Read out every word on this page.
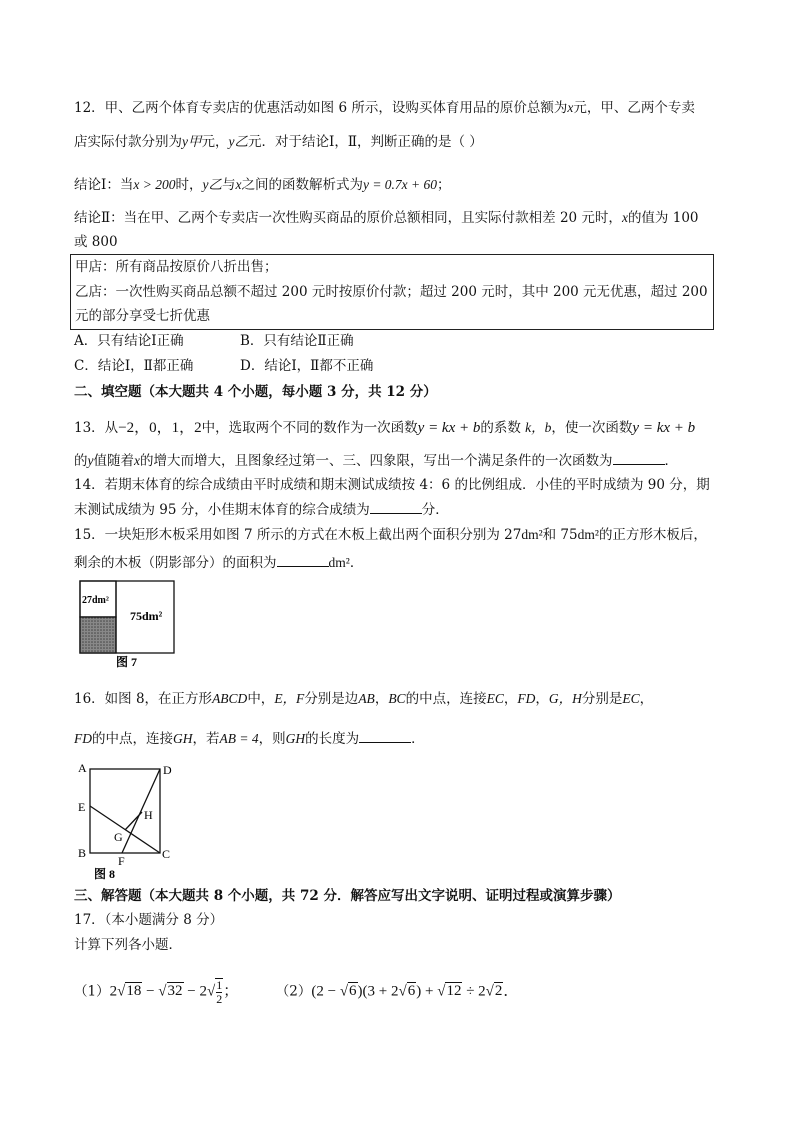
12．甲、乙两个体育专卖店的优惠活动如图 6 所示，设购买体育用品的原价总额为x元，甲、乙两个专卖
店实际付款分别为y甲元，y乙元．对于结论Ⅰ，Ⅱ，判断正确的是（ ）
结论Ⅰ：当x > 200时，y乙与x之间的函数解析式为y = 0.7x + 60；
结论Ⅱ：当在甲、乙两个专卖店一次性购买商品的原价总额相同，且实际付款相差 20 元时，x的值为 100
或 800
甲店：所有商品按原价八折出售；
乙店：一次性购买商品总额不超过 200 元时按原价付款；超过 200 元时，其中 200 元无优惠，超过 200
元的部分享受七折优惠
A．只有结论Ⅰ正确	B．只有结论Ⅱ正确
C．结论Ⅰ，Ⅱ都正确	D．结论Ⅰ，Ⅱ都不正确
二、填空题（本大题共 4 个小题，每小题 3 分，共 12 分）
13．从−2，0，1，2中，选取两个不同的数作为一次函数y = kx + b的系数 k，b，使一次函数y = kx + b
的y值随着x的增大而增大，且图象经过第一、三、四象限，写出一个满足条件的一次函数为	．
14．若期末体育的综合成绩由平时成绩和期末测试成绩按 4：6 的比例组成．小佳的平时成绩为 90 分，期
末测试成绩为 95 分，小佳期末体育的综合成绩为	分．
15．一块矩形木板采用如图 7 所示的方式在木板上截出两个面积分别为 27dm²和 75dm²的正方形木板后，
剩余的木板（阴影部分）的面积为	dm²．
27dm²
75dm²
图 7
16．如图 8，在正方形ABCD中，E，F分别是边AB，BC的中点，连接EC，FD，G，H分别是EC，
FD的中点，连接GH，若AB = 4，则GH的长度为	．
A	D
E
H
G
B	C
F
图 8
三、解答题（本大题共 8 个小题，共 72 分．解答应写出文字说明、证明过程或演算步骤）
17．（本小题满分 8 分）
计算下列各小题．
$(1)2√18 - √32 - 2√ \frac{1}{2}$ ；	（2）(2 − √6)(3 + 2√6) + √12 ÷ 2√2．
